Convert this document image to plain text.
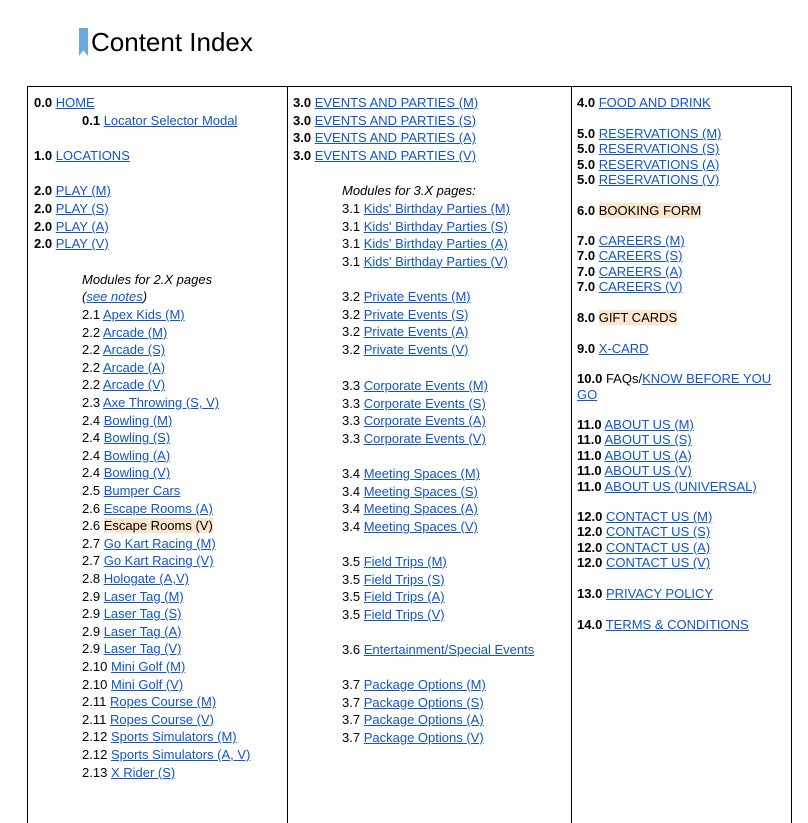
Content Index
0.0 HOME
0.1 Locator Selector Modal
1.0 LOCATIONS
2.0 PLAY (M)
2.0 PLAY (S)
2.0 PLAY (A)
2.0 PLAY (V)
Modules for 2.X pages
(see notes)
2.1 Apex Kids (M)
2.2 Arcade (M)
2.2 Arcade (S)
2.2 Arcade (A)
2.2 Arcade (V)
2.3 Axe Throwing (S, V)
2.4 Bowling (M)
2.4 Bowling (S)
2.4 Bowling (A)
2.4 Bowling (V)
2.5 Bumper Cars
2.6 Escape Rooms (A)
2.6 Escape Rooms (V)
2.7 Go Kart Racing (M)
2.7 Go Kart Racing (V)
2.8 Hologate (A,V)
2.9 Laser Tag (M)
2.9 Laser Tag (S)
2.9 Laser Tag (A)
2.9 Laser Tag (V)
2.10 Mini Golf (M)
2.10 Mini Golf (V)
2.11 Ropes Course (M)
2.11 Ropes Course (V)
2.12 Sports Simulators (M)
2.12 Sports Simulators (A, V)
2.13 X Rider (S)

3.0 EVENTS AND PARTIES (M)
3.0 EVENTS AND PARTIES (S)
3.0 EVENTS AND PARTIES (A)
3.0 EVENTS AND PARTIES (V)
Modules for 3.X pages:
3.1 Kids' Birthday Parties (M)
3.1 Kids' Birthday Parties (S)
3.1 Kids' Birthday Parties (A)
3.1 Kids' Birthday Parties (V)
3.2 Private Events (M)
3.2 Private Events (S)
3.2 Private Events (A)
3.2 Private Events (V)
3.3 Corporate Events (M)
3.3 Corporate Events (S)
3.3 Corporate Events (A)
3.3 Corporate Events (V)
3.4 Meeting Spaces (M)
3.4 Meeting Spaces (S)
3.4 Meeting Spaces (A)
3.4 Meeting Spaces (V)
3.5 Field Trips (M)
3.5 Field Trips (S)
3.5 Field Trips (A)
3.5 Field Trips (V)
3.6 Entertainment/Special Events
3.7 Package Options (M)
3.7 Package Options (S)
3.7 Package Options (A)
3.7 Package Options (V)

4.0 FOOD AND DRINK
5.0 RESERVATIONS (M)
5.0 RESERVATIONS (S)
5.0 RESERVATIONS (A)
5.0 RESERVATIONS (V)
6.0 BOOKING FORM
7.0 CAREERS (M)
7.0 CAREERS (S)
7.0 CAREERS (A)
7.0 CAREERS (V)
8.0 GIFT CARDS
9.0 X-CARD
10.0 FAQs/KNOW BEFORE YOU
GO
11.0 ABOUT US (M)
11.0 ABOUT US (S)
11.0 ABOUT US (A)
11.0 ABOUT US (V)
11.0 ABOUT US (UNIVERSAL)
12.0 CONTACT US (M)
12.0 CONTACT US (S)
12.0 CONTACT US (A)
12.0 CONTACT US (V)
13.0 PRIVACY POLICY
14.0 TERMS & CONDITIONS
